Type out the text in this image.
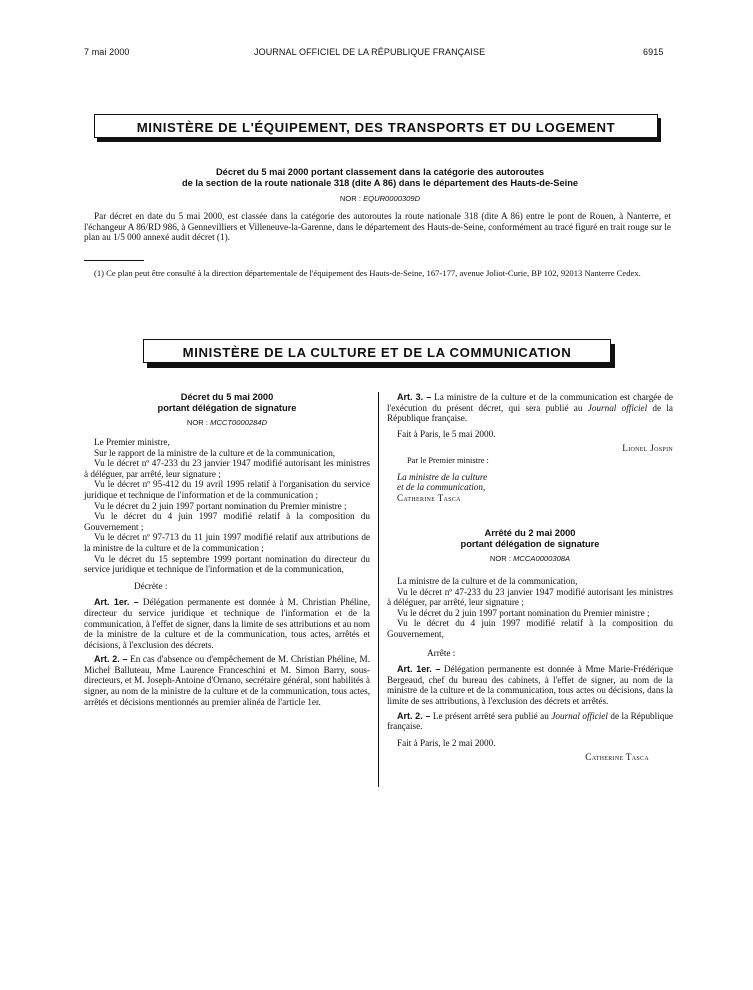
7 mai 2000	JOURNAL OFFICIEL DE LA RÉPUBLIQUE FRANÇAISE	6915
MINISTÈRE DE L'ÉQUIPEMENT, DES TRANSPORTS ET DU LOGEMENT
Décret du 5 mai 2000 portant classement dans la catégorie des autoroutes
de la section de la route nationale 318 (dite A 86) dans le département des Hauts-de-Seine
NOR : EQUR0000309D

Par décret en date du 5 mai 2000, est classée dans la catégorie des autoroutes la route nationale 318 (dite A 86) entre le pont de Rouen, à Nanterre, et l'échangeur A 86/RD 986, à Gennevilliers et Villeneuve-la-Garenne, dans le département des Hauts-de-Seine, conformément au tracé figuré en trait rouge sur le plan au 1/5 000 annexé audit décret (1).

(1) Ce plan peut être consulté à la direction départementale de l'équipement des Hauts-de-Seine, 167-177, avenue Joliot-Curie, BP 102, 92013 Nanterre Cedex.

MINISTÈRE DE LA CULTURE ET DE LA COMMUNICATION
Décret du 5 mai 2000
portant délégation de signature
NOR : MCCT0000284D

Le Premier ministre,

Sur le rapport de la ministre de la culture et de la communication,

Vu le décret nº 47-233 du 23 janvier 1947 modifié autorisant les ministres à déléguer, par arrêté, leur signature ;

Vu le décret nº 95-412 du 19 avril 1995 relatif à l'organisation du service juridique et technique de l'information et de la communication ;

Vu le décret du 2 juin 1997 portant nomination du Premier ministre ;

Vu le décret du 4 juin 1997 modifié relatif à la composition du Gouvernement ;

Vu le décret nº 97-713 du 11 juin 1997 modifié relatif aux attributions de la ministre de la culture et de la communication ;

Vu le décret du 15 septembre 1999 portant nomination du directeur du service juridique et technique de l'information et de la communication,

Décrète :

Art. 1er. – Délégation permanente est donnée à M. Christian Phéline, directeur du service juridique et technique de l'information et de la communication, à l'effet de signer, dans la limite de ses attributions et au nom de la ministre de la culture et de la communication, tous actes, arrêtés et décisions, à l'exclusion des décrets.

Art. 2. – En cas d'absence ou d'empêchement de M. Christian Phéline, M. Michel Balluteau, Mme Laurence Franceschini et M. Simon Barry, sous-directeurs, et M. Joseph-Antoine d'Ornano, secrétaire général, sont habilités à signer, au nom de la ministre de la culture et de la communication, tous actes, arrêtés et décisions mentionnés au premier alinéa de l'article 1er.

Art. 3. – La ministre de la culture et de la communication est chargée de l'exécution du présent décret, qui sera publié au Journal officiel de la République française.

Fait à Paris, le 5 mai 2000.

Lionel Jospin

Par le Premier ministre :

La ministre de la culture

et de la communication,

Catherine Tasca

Arrêté du 2 mai 2000
portant délégation de signature
NOR : MCCA0000308A

La ministre de la culture et de la communication,

Vu le décret nº 47-233 du 23 janvier 1947 modifié autorisant les ministres à déléguer, par arrêté, leur signature ;

Vu le décret du 2 juin 1997 portant nomination du Premier ministre ;

Vu le décret du 4 juin 1997 modifié relatif à la composition du Gouvernement,

Arrête :

Art. 1er. – Délégation permanente est donnée à Mme Marie-Frédérique Bergeaud, chef du bureau des cabinets, à l'effet de signer, au nom de la ministre de la culture et de la communication, tous actes ou décisions, dans la limite de ses attributions, à l'exclusion des décrets et arrêtés.

Art. 2. – Le présent arrêté sera publié au Journal officiel de la République française.

Fait à Paris, le 2 mai 2000.

Catherine Tasca
